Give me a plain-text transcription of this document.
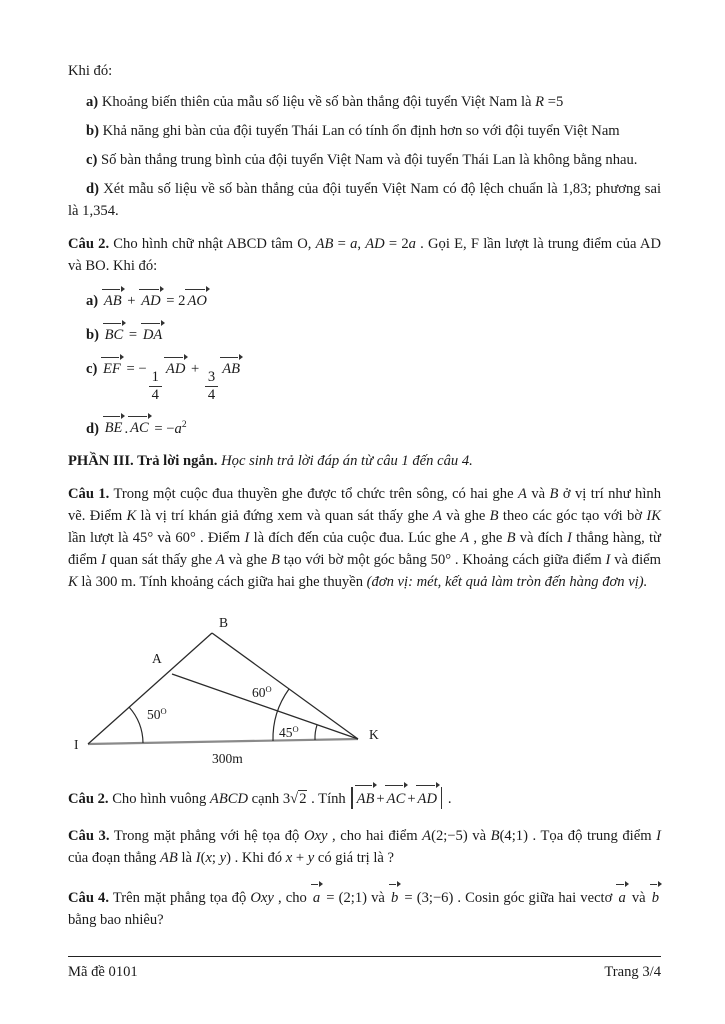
Khi đó:

a) Khoảng biến thiên của mẫu số liệu về số bàn thắng đội tuyển Việt Nam là R =5

b) Khả năng ghi bàn của đội tuyển Thái Lan có tính ổn định hơn so với đội tuyển Việt Nam

c) Số bàn thắng trung bình của đội tuyển Việt Nam và đội tuyển Thái Lan là không bằng nhau.

d) Xét mẫu số liệu về số bàn thắng của đội tuyển Việt Nam có độ lệch chuẩn là 1,83; phương sai là 1,354.

Câu 2. Cho hình chữ nhật ABCD tâm O, AB = a, AD = 2a . Gọi E, F lần lượt là trung điểm của AD và BO. Khi đó:

a) AB + AD = 2 AO

b) BC = DA

c) EF = −
$\frac{1}{4}$
AD +
$\frac{3}{4}$
AB

d) BE . AC = $-a^2$

PHẦN III. Trả lời ngắn. Học sinh trả lời đáp án từ câu 1 đến câu 4.

Câu 1. Trong một cuộc đua thuyền ghe được tổ chức trên sông, có hai ghe A và B ở vị trí như hình vẽ. Điểm K là vị trí khán giả đứng xem và quan sát thấy ghe A và ghe B theo các góc tạo với bờ IK lần lượt là 45° và 60° . Điểm I là đích đến của cuộc đua. Lúc ghe A , ghe B và đích I thẳng hàng, từ điểm I quan sát thấy ghe A và ghe B tạo với bờ một góc bằng 50° . Khoảng cách giữa điểm I và điểm K là 300 m. Tính khoảng cách giữa hai ghe thuyền (đơn vị: mét, kết quả làm tròn đến hàng đơn vị).

B
A
I
K
$50^O$
$60^O$
$45^O$
300m

Câu 2. Cho hình vuông ABCD cạnh 3√2 . Tính AB + AC + AD .

Câu 3. Trong mặt phẳng với hệ tọa độ Oxy , cho hai điểm A(2;−5) và B(4;1) . Tọa độ trung điểm I của đoạn thẳng AB là I(x; y) . Khi đó x + y có giá trị là ?

Câu 4. Trên mặt phẳng tọa độ Oxy , cho a = (2;1) và b = (3;−6) . Cosin góc giữa hai vectơ a và b bằng bao nhiêu?

Mã đề 0101	Trang 3/4
